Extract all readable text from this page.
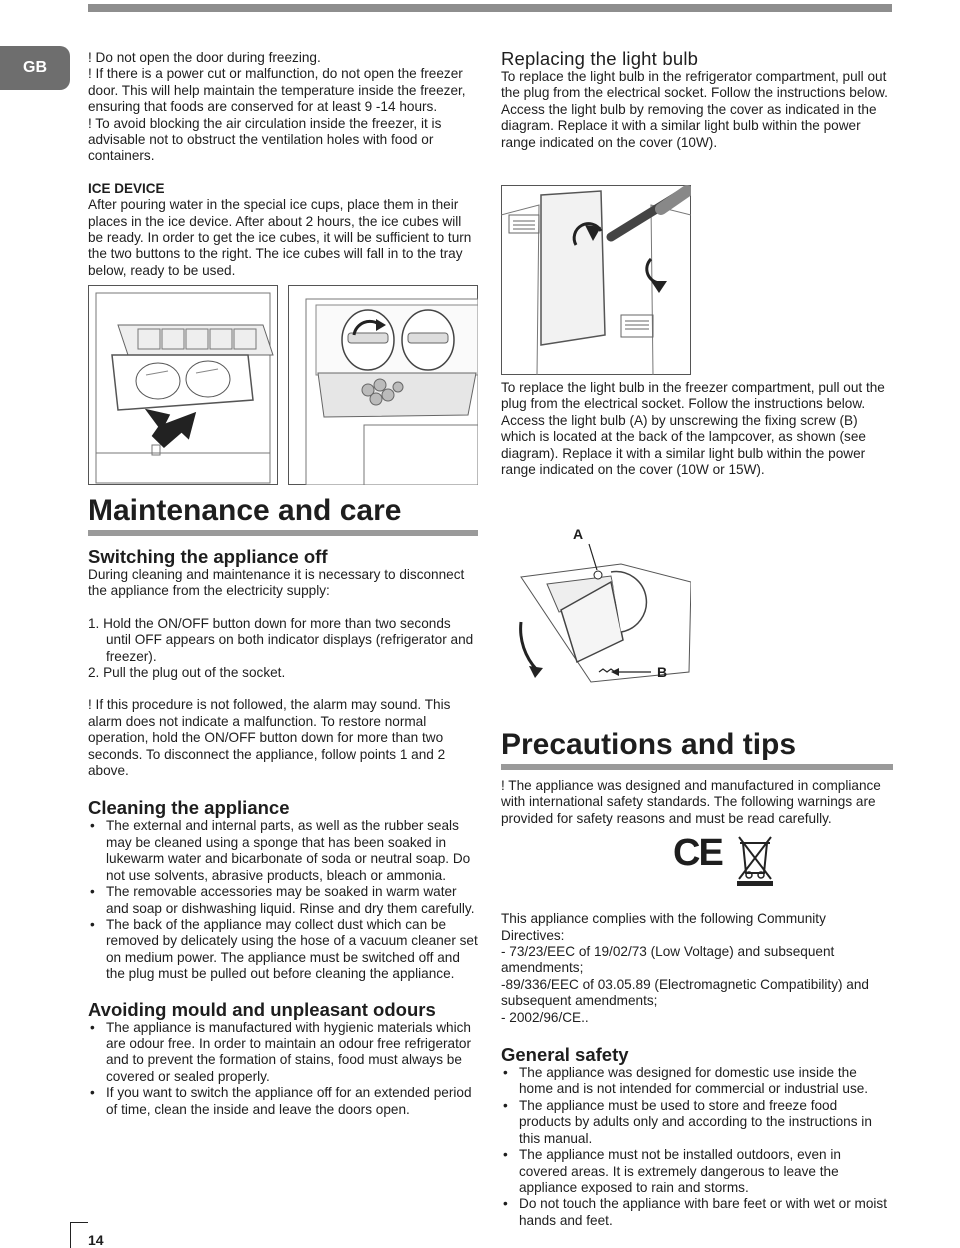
GB

! Do not open the door during freezing.

! If there is a power cut or malfunction, do not open the freezer door. This will help maintain the temperature inside the freezer, ensuring that foods are conserved for at least 9 -14 hours.

! To avoid blocking the air circulation inside the freezer, it is advisable not to obstruct the ventilation holes with food or containers.

ICE DEVICE

After pouring water in the special ice cups, place them in their places in the ice device. After about 2 hours, the ice cubes will be ready. In order to get the ice cubes, it will be sufficient to turn the two buttons to the right. The ice cubes will fall in to the tray below, ready to be used.

Maintenance and care
Switching the appliance off

During cleaning and maintenance it is necessary to disconnect the appliance from the electricity supply:

1. Hold the ON/OFF button down for more than two seconds until OFF appears on both indicator displays (refrigerator and freezer).
2. Pull the plug out of the socket.

! If this procedure is not followed, the alarm may sound. This alarm does not indicate a malfunction. To restore normal operation, hold the ON/OFF button down for more than two seconds. To disconnect the appliance, follow points 1 and 2 above.

Cleaning the appliance
• The external and internal parts, as well as the rubber seals may be cleaned using a sponge that has been soaked in lukewarm water and bicarbonate of soda or neutral soap. Do not use solvents, abrasive products, bleach or ammonia.
• The removable accessories may be soaked in warm water and soap or dishwashing liquid. Rinse and dry them carefully.
• The back of the appliance may collect dust which can be removed by delicately using the hose of a vacuum cleaner set on medium power. The appliance must be switched off and the plug must be pulled out before cleaning the appliance.
Avoiding mould and unpleasant odours
• The appliance is manufactured with hygienic materials which are odour free. In order to maintain an odour free refrigerator and to prevent the formation of stains, food must always be covered or sealed properly.
• If you want to switch the appliance off for an extended period of time, clean the inside and leave the doors open.
Replacing the light bulb

To replace the light bulb in the refrigerator compartment, pull out the plug from the electrical socket. Follow the instructions below.

Access the light bulb by removing the cover as indicated in the diagram. Replace it with a similar light bulb within the power range indicated on the cover (10W).

To replace the light bulb in the freezer compartment, pull out the plug from the electrical socket. Follow the instructions below.

Access the light bulb (A) by unscrewing the fixing screw (B) which is located at the back of the lampcover, as shown (see diagram). Replace it with a similar light bulb within the power range indicated on the cover (10W or 15W).

A
B
Precautions and tips

! The appliance was designed and manufactured in compliance with international safety standards. The following warnings are provided for safety reasons and must be read carefully.

CE

This appliance complies with the following Community Directives:

- 73/23/EEC of 19/02/73 (Low Voltage) and subsequent amendments;

-89/336/EEC of 03.05.89 (Electromagnetic Compatibility) and subsequent amendments;

- 2002/96/CE..

General safety
• The appliance was designed for domestic use inside the home and is not intended for commercial or industrial use.
• The appliance must be used to store and freeze food products by adults only and according to the instructions in this manual.
• The appliance must not be installed outdoors, even in covered areas. It is extremely dangerous to leave the appliance exposed to rain and storms.
• Do not touch the appliance with bare feet or with wet or moist hands and feet.
14
